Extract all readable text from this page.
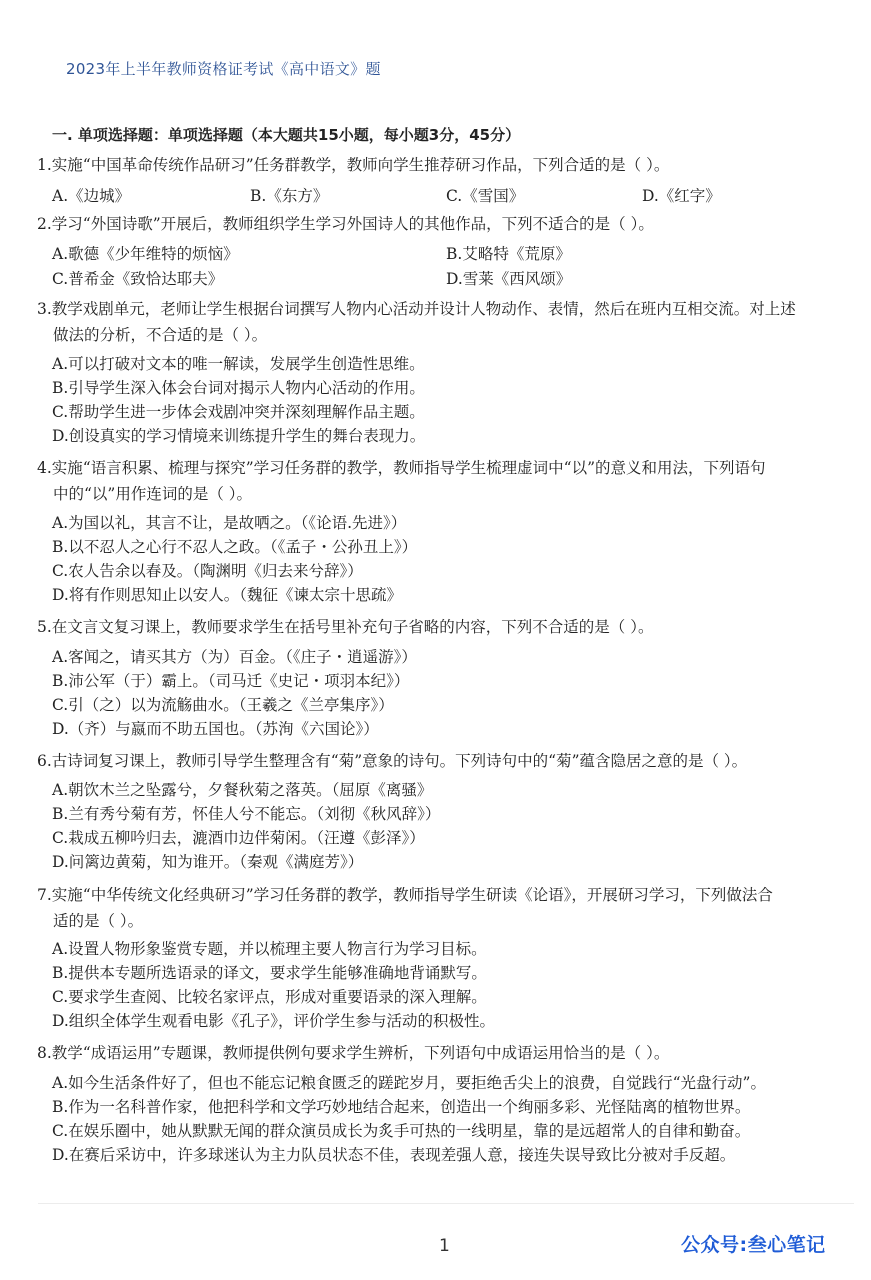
2023年上半年教师资格证考试《高中语文》题
一. 单项选择题：单项选择题（本大题共15小题，每小题3分，45分）

1.实施“中国革命传统作品研习”任务群教学，教师向学生推荐研习作品，下列合适的是（ ）。

A.《边城》	B.《东方》	C.《雪国》	D.《红字》

2.学习“外国诗歌”开展后，教师组织学生学习外国诗人的其他作品，下列不适合的是（ ）。

A.歌德《少年维特的烦恼》	B.艾略特《荒原》
C.普希金《致恰达耶夫》	D.雪莱《西风颂》

3.教学戏剧单元，老师让学生根据台词撰写人物内心活动并设计人物动作、表情，然后在班内互相交流。对上述
做法的分析，不合适的是（ ）。

A.可以打破对文本的唯一解读，发展学生创造性思维。
B.引导学生深入体会台词对揭示人物内心活动的作用。
C.帮助学生进一步体会戏剧冲突并深刻理解作品主题。
D.创设真实的学习情境来训练提升学生的舞台表现力。

4.实施“语言积累、梳理与探究”学习任务群的教学，教师指导学生梳理虚词中“以”的意义和用法，下列语句
中的“以”用作连词的是（ ）。

A.为国以礼，其言不让，是故哂之。（《论语.先进》）
B.以不忍人之心行不忍人之政。（《孟子・公孙丑上》）
C.农人告余以春及。（陶渊明《归去来兮辞》）
D.将有作则思知止以安人。（魏征《谏太宗十思疏》

5.在文言文复习课上，教师要求学生在括号里补充句子省略的内容，下列不合适的是（ ）。

A.客闻之，请买其方（为）百金。（《庄子・逍遥游》）
B.沛公军（于）霸上。（司马迁《史记・项羽本纪》）
C.引（之）以为流觞曲水。（王羲之《兰亭集序》）
D.（齐）与嬴而不助五国也。（苏洵《六国论》）

6.古诗词复习课上，教师引导学生整理含有“菊”意象的诗句。下列诗句中的“菊”蕴含隐居之意的是（ ）。

A.朝饮木兰之坠露兮，夕餐秋菊之落英。（屈原《离骚》
B.兰有秀兮菊有芳，怀佳人兮不能忘。（刘彻《秋风辞》）
C.栽成五柳吟归去，漉酒巾边伴菊闲。（汪遵《彭泽》）
D.问篱边黄菊，知为谁开。（秦观《满庭芳》）

7.实施“中华传统文化经典研习”学习任务群的教学，教师指导学生研读《论语》，开展研习学习，下列做法合
适的是（ ）。

A.设置人物形象鉴赏专题，并以梳理主要人物言行为学习目标。
B.提供本专题所选语录的译文，要求学生能够准确地背诵默写。
C.要求学生查阅、比较名家评点，形成对重要语录的深入理解。
D.组织全体学生观看电影《孔子》，评价学生参与活动的积极性。

8.教学“成语运用”专题课，教师提供例句要求学生辨析，下列语句中成语运用恰当的是（ ）。

A.如今生活条件好了，但也不能忘记粮食匮乏的蹉跎岁月，要拒绝舌尖上的浪费，自觉践行“光盘行动”。
B.作为一名科普作家，他把科学和文学巧妙地结合起来，创造出一个绚丽多彩、光怪陆离的植物世界。
C.在娱乐圈中，她从默默无闻的群众演员成长为炙手可热的一线明星，靠的是远超常人的自律和勤奋。
D.在赛后采访中，许多球迷认为主力队员状态不佳，表现差强人意，接连失误导致比分被对手反超。
1	公众号:叁心笔记
